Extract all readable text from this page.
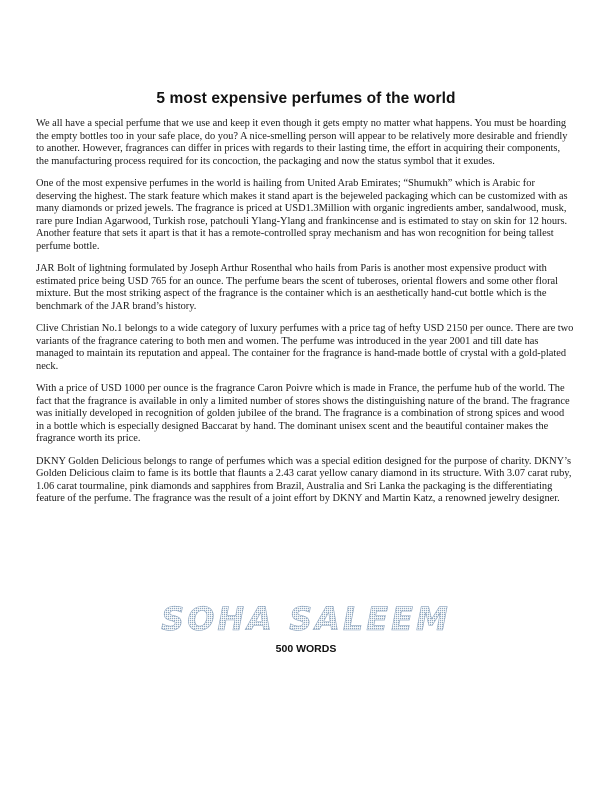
5 most expensive perfumes of the world

We all have a special perfume that we use and keep it even though it gets empty no matter what happens. You must be hoarding the empty bottles too in your safe place, do you? A nice-smelling person will appear to be relatively more desirable and friendly to another. However, fragrances can differ in prices with regards to their lasting time, the effort in acquiring their components, the manufacturing process required for its concoction, the packaging and now the status symbol that it exudes.

One of the most expensive perfumes in the world is hailing from United Arab Emirates; “Shumukh” which is Arabic for deserving the highest. The stark feature which makes it stand apart is the bejeweled packaging which can be customized with as many diamonds or prized jewels. The fragrance is priced at USD1.3Million with organic ingredients amber, sandalwood, musk, rare pure Indian Agarwood, Turkish rose, patchouli Ylang-Ylang and frankincense and is estimated to stay on skin for 12 hours. Another feature that sets it apart is that it has a remote-controlled spray mechanism and has won recognition for being tallest perfume bottle.

JAR Bolt of lightning formulated by Joseph Arthur Rosenthal who hails from Paris is another most expensive product with estimated price being USD 765 for an ounce. The perfume bears the scent of tuberoses, oriental flowers and some other floral mixture. But the most striking aspect of the fragrance is the container which is an aesthetically hand-cut bottle which is the benchmark of the JAR brand’s history.

Clive Christian No.1 belongs to a wide category of luxury perfumes with a price tag of hefty USD 2150 per ounce. There are two variants of the fragrance catering to both men and women. The perfume was introduced in the year 2001 and till date has managed to maintain its reputation and appeal. The container for the fragrance is hand-made bottle of crystal with a gold-plated neck.

With a price of USD 1000 per ounce is the fragrance Caron Poivre which is made in France, the perfume hub of the world. The fact that the fragrance is available in only a limited number of stores shows the distinguishing nature of the brand. The fragrance was initially developed in recognition of golden jubilee of the brand. The fragrance is a combination of strong spices and wood in a bottle which is especially designed Baccarat by hand. The dominant unisex scent and the beautiful container makes the fragrance worth its price.

DKNY Golden Delicious belongs to range of perfumes which was a special edition designed for the purpose of charity. DKNY’s Golden Delicious claim to fame is its bottle that flaunts a 2.43 carat yellow canary diamond in its structure. With 3.07 carat ruby, 1.06 carat tourmaline, pink diamonds and sapphires from Brazil, Australia and Sri Lanka the packaging is the differentiating feature of the perfume. The fragrance was the result of a joint effort by DKNY and Martin Katz, a renowned jewelry designer.

SOHA SALEEM
500 WORDS
